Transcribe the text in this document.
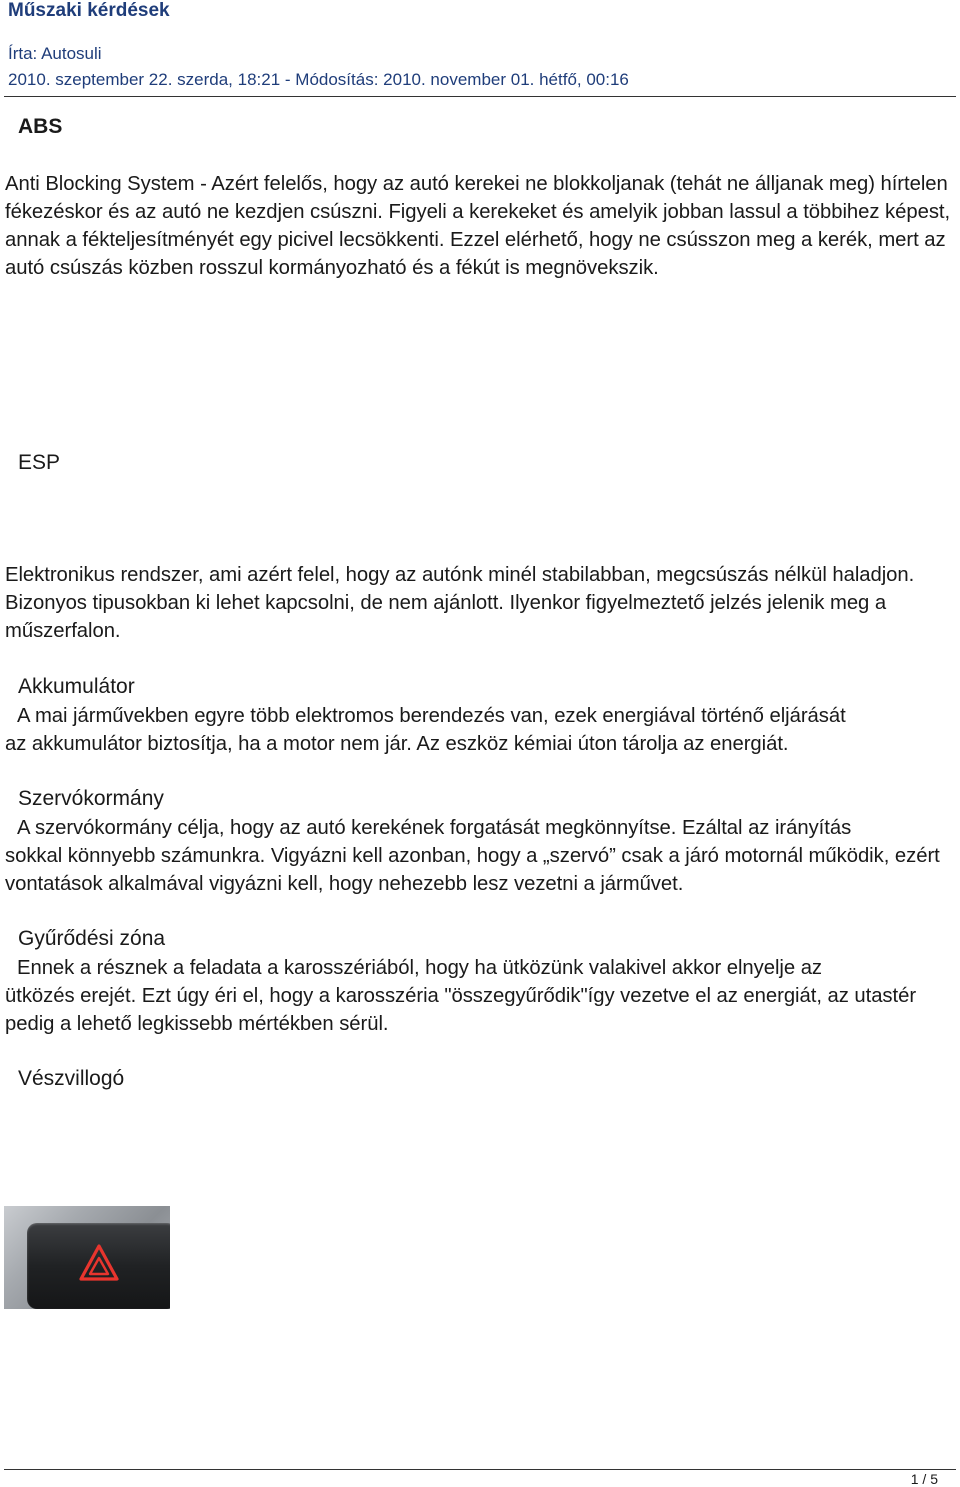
Műszaki kérdések
Írta: Autosuli
2010. szeptember 22. szerda, 18:21 - Módosítás: 2010. november 01. hétfő, 00:16
ABS

Anti Blocking System - Azért felelős, hogy az autó kerekei ne blokkoljanak (tehát ne álljanak meg) hírtelen fékezéskor és az autó ne kezdjen csúszni. Figyeli a kerekeket és amelyik jobban lassul a többihez képest, annak a fékteljesítményét egy picivel lecsökkenti. Ezzel elérhető, hogy ne csússzon meg a kerék, mert az autó csúszás közben rosszul kormányozható és a fékút is megnövekszik.

ESP

Elektronikus rendszer, ami azért felel, hogy az autónk minél stabilabban, megcsúszás nélkül haladjon. Bizonyos tipusokban ki lehet kapcsolni, de nem ajánlott. Ilyenkor figyelmeztető jelzés jelenik meg a műszerfalon.

Akkumulátor

A mai járművekben egyre több elektromos berendezés van, ezek energiával történő eljárását
az akkumulátor biztosítja, ha a motor nem jár. Az eszköz kémiai úton tárolja az energiát.

Szervókormány

A szervókormány célja, hogy az autó kerekének forgatását megkönnyítse. Ezáltal az irányítás
sokkal könnyebb számunkra. Vigyázni kell azonban, hogy a „szervó” csak a járó motornál működik, ezért vontatások alkalmával vigyázni kell, hogy nehezebb lesz vezetni a járművet.

Gyűrődési zóna

Ennek a résznek a feladata a karosszériából, hogy ha ütközünk valakivel akkor elnyelje az
ütközés erejét. Ezt úgy éri el, hogy a karosszéria "összegyűrődik"így vezetve el az energiát, az utastér pedig a lehető legkissebb mértékben sérül.

Vészvillogó
1 / 5
